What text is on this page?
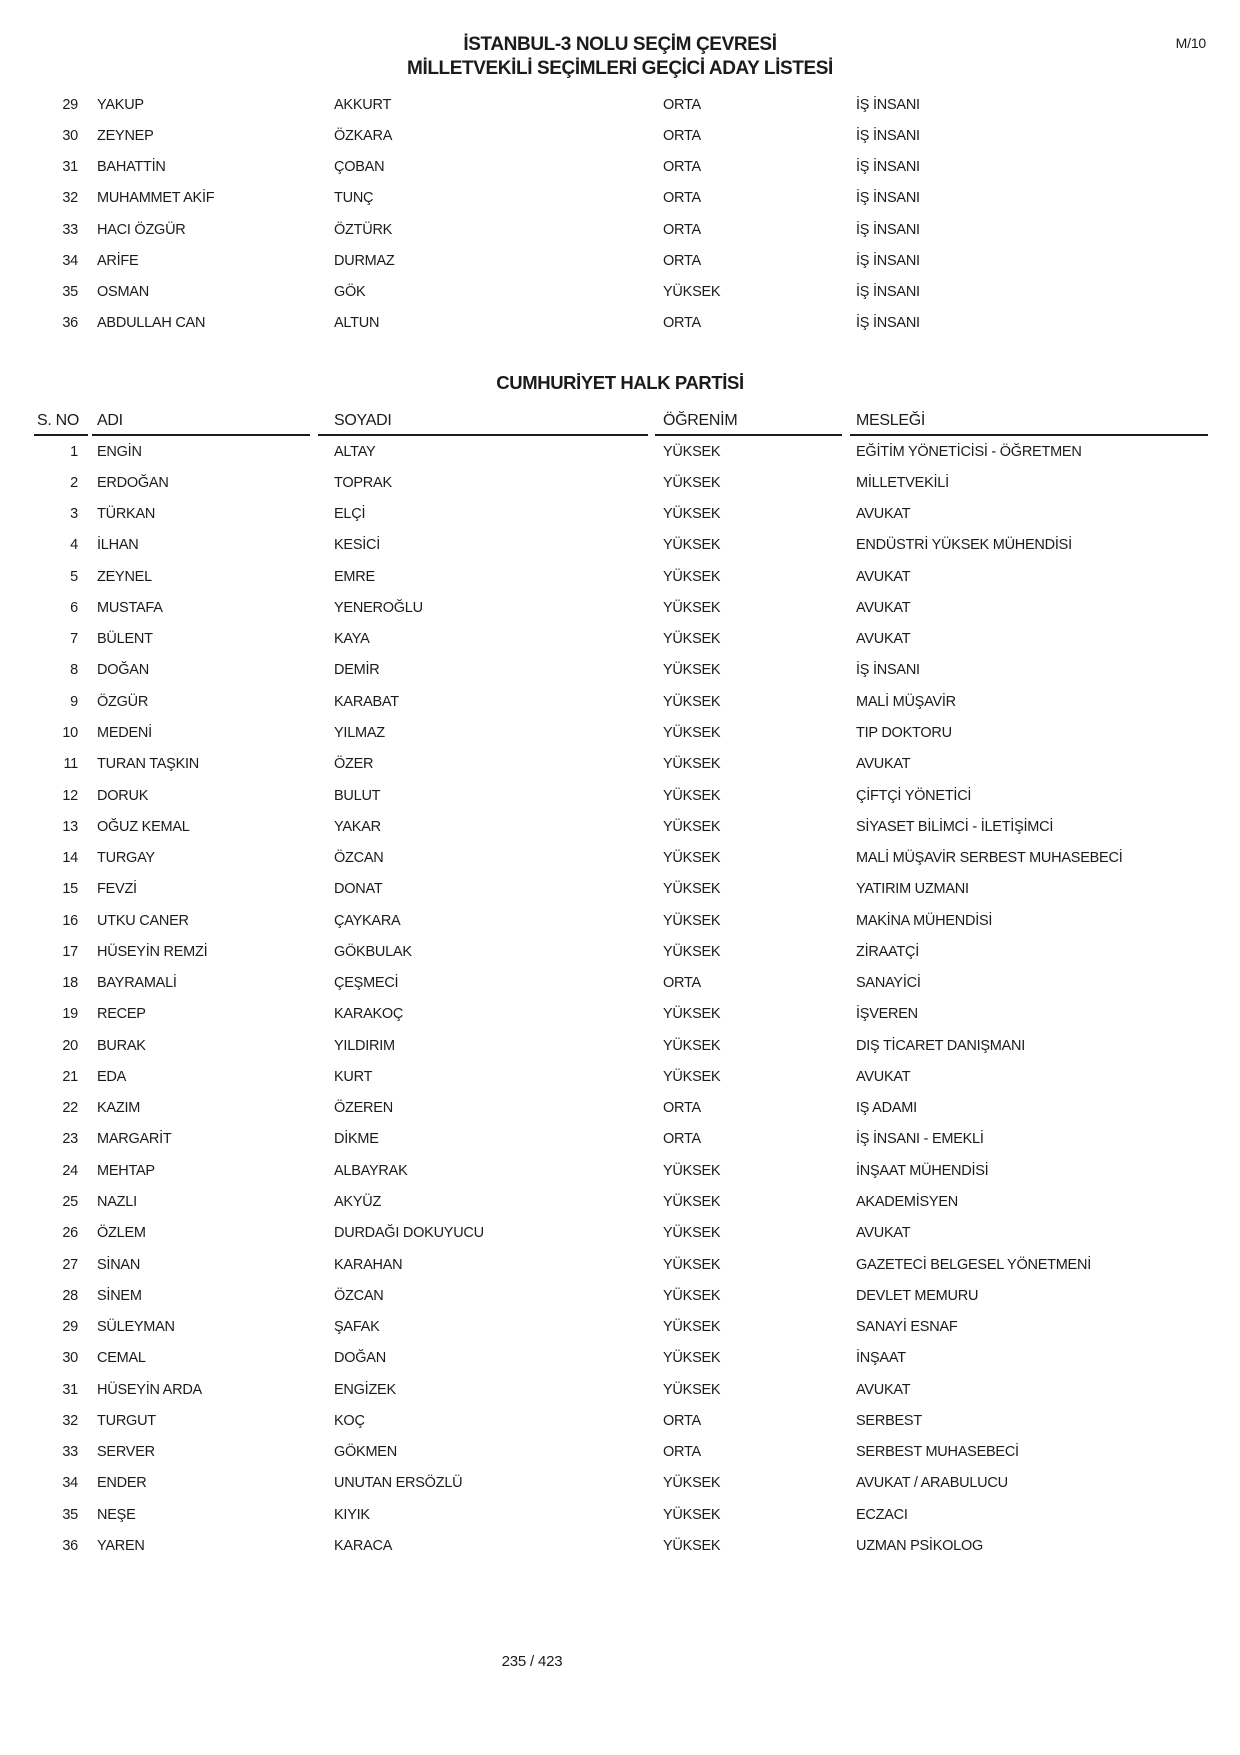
İSTANBUL-3 NOLU SEÇİM ÇEVRESİ
MİLLETVEKİLİ SEÇİMLERİ GEÇİCİ ADAY LİSTESİ
M/10
29 YAKUP	AKKURT	ORTA	İŞ İNSANI
30 ZEYNEP	ÖZKARA	ORTA	İŞ İNSANI
31 BAHATTİN	ÇOBAN	ORTA	İŞ İNSANI
32 MUHAMMET AKİF	TUNÇ	ORTA	İŞ İNSANI
33 HACI ÖZGÜR	ÖZTÜRK	ORTA	İŞ İNSANI
34 ARİFE	DURMAZ	ORTA	İŞ İNSANI
35 OSMAN	GÖK	YÜKSEK	İŞ İNSANI
36 ABDULLAH CAN	ALTUN	ORTA	İŞ İNSANI
CUMHURİYET HALK PARTİSİ
S. NO	ADI	SOYADI	ÖĞRENİM	MESLEĞİ
1 ENGİN	ALTAY	YÜKSEK	EĞİTİM YÖNETİCİSİ - ÖĞRETMEN
2 ERDOĞAN	TOPRAK	YÜKSEK	MİLLETVEKİLİ
3 TÜRKAN	ELÇİ	YÜKSEK	AVUKAT
4 İLHAN	KESİCİ	YÜKSEK	ENDÜSTRİ YÜKSEK MÜHENDİSİ
5 ZEYNEL	EMRE	YÜKSEK	AVUKAT
6 MUSTAFA	YENEROĞLU	YÜKSEK	AVUKAT
7 BÜLENT	KAYA	YÜKSEK	AVUKAT
8 DOĞAN	DEMİR	YÜKSEK	İŞ İNSANI
9 ÖZGÜR	KARABAT	YÜKSEK	MALİ MÜŞAVİR
10 MEDENİ	YILMAZ	YÜKSEK	TIP DOKTORU
11 TURAN TAŞKIN	ÖZER	YÜKSEK	AVUKAT
12 DORUK	BULUT	YÜKSEK	ÇİFTÇİ YÖNETİCİ
13 OĞUZ KEMAL	YAKAR	YÜKSEK	SİYASET BİLİMCİ - İLETİŞİMCİ
14 TURGAY	ÖZCAN	YÜKSEK	MALİ MÜŞAVİR SERBEST MUHASEBECİ
15 FEVZİ	DONAT	YÜKSEK	YATIRIM UZMANI
16 UTKU CANER	ÇAYKARA	YÜKSEK	MAKİNA MÜHENDİSİ
17 HÜSEYİN REMZİ	GÖKBULAK	YÜKSEK	ZİRAATÇİ
18 BAYRAMALİ	ÇEŞMECİ	ORTA	SANAYİCİ
19 RECEP	KARAKOÇ	YÜKSEK	İŞVEREN
20 BURAK	YILDIRIM	YÜKSEK	DIŞ TİCARET DANIŞMANI
21 EDA	KURT	YÜKSEK	AVUKAT
22 KAZIM	ÖZEREN	ORTA	IŞ ADAMI
23 MARGARİT	DİKME	ORTA	İŞ İNSANI - EMEKLİ
24 MEHTAP	ALBAYRAK	YÜKSEK	İNŞAAT MÜHENDİSİ
25 NAZLI	AKYÜZ	YÜKSEK	AKADEMİSYEN
26 ÖZLEM	DURDAĞI DOKUYUCU	YÜKSEK	AVUKAT
27 SİNAN	KARAHAN	YÜKSEK	GAZETECİ BELGESEL YÖNETMENİ
28 SİNEM	ÖZCAN	YÜKSEK	DEVLET MEMURU
29 SÜLEYMAN	ŞAFAK	YÜKSEK	SANAYİ ESNAF
30 CEMAL	DOĞAN	YÜKSEK	İNŞAAT
31 HÜSEYİN ARDA	ENGİZEK	YÜKSEK	AVUKAT
32 TURGUT	KOÇ	ORTA	SERBEST
33 SERVER	GÖKMEN	ORTA	SERBEST MUHASEBECİ
34 ENDER	UNUTAN ERSÖZLÜ	YÜKSEK	AVUKAT / ARABULUCU
35 NEŞE	KIYIK	YÜKSEK	ECZACI
36 YAREN	KARACA	YÜKSEK	UZMAN PSİKOLOG
235 / 423
